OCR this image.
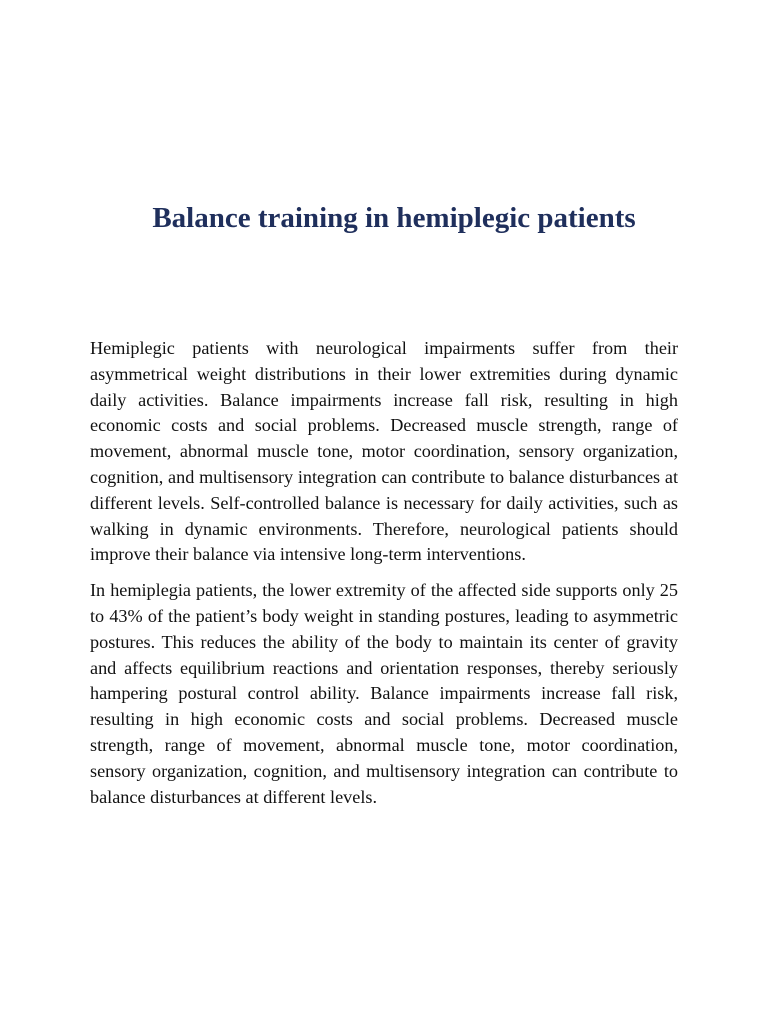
Balance training in hemiplegic patients

Hemiplegic patients with neurological impairments suffer from their asymmetrical weight distributions in their lower extremities during dynamic daily activities. Balance impairments increase fall risk, resulting in high economic costs and social problems. Decreased muscle strength, range of movement, abnormal muscle tone, motor coordination, sensory organization, cognition, and multisensory integration can contribute to balance disturbances at different levels. Self-controlled balance is necessary for daily activities, such as walking in dynamic environments. Therefore, neurological patients should improve their balance via intensive long-term interventions.

In hemiplegia patients, the lower extremity of the affected side supports only 25 to 43% of the patient’s body weight in standing postures, leading to asymmetric postures. This reduces the ability of the body to maintain its center of gravity and affects equilibrium reactions and orientation responses, thereby seriously hampering postural control ability. Balance impairments increase fall risk, resulting in high economic costs and social problems. Decreased muscle strength, range of movement, abnormal muscle tone, motor coordination, sensory organization, cognition, and multisensory integration can contribute to balance disturbances at different levels.
